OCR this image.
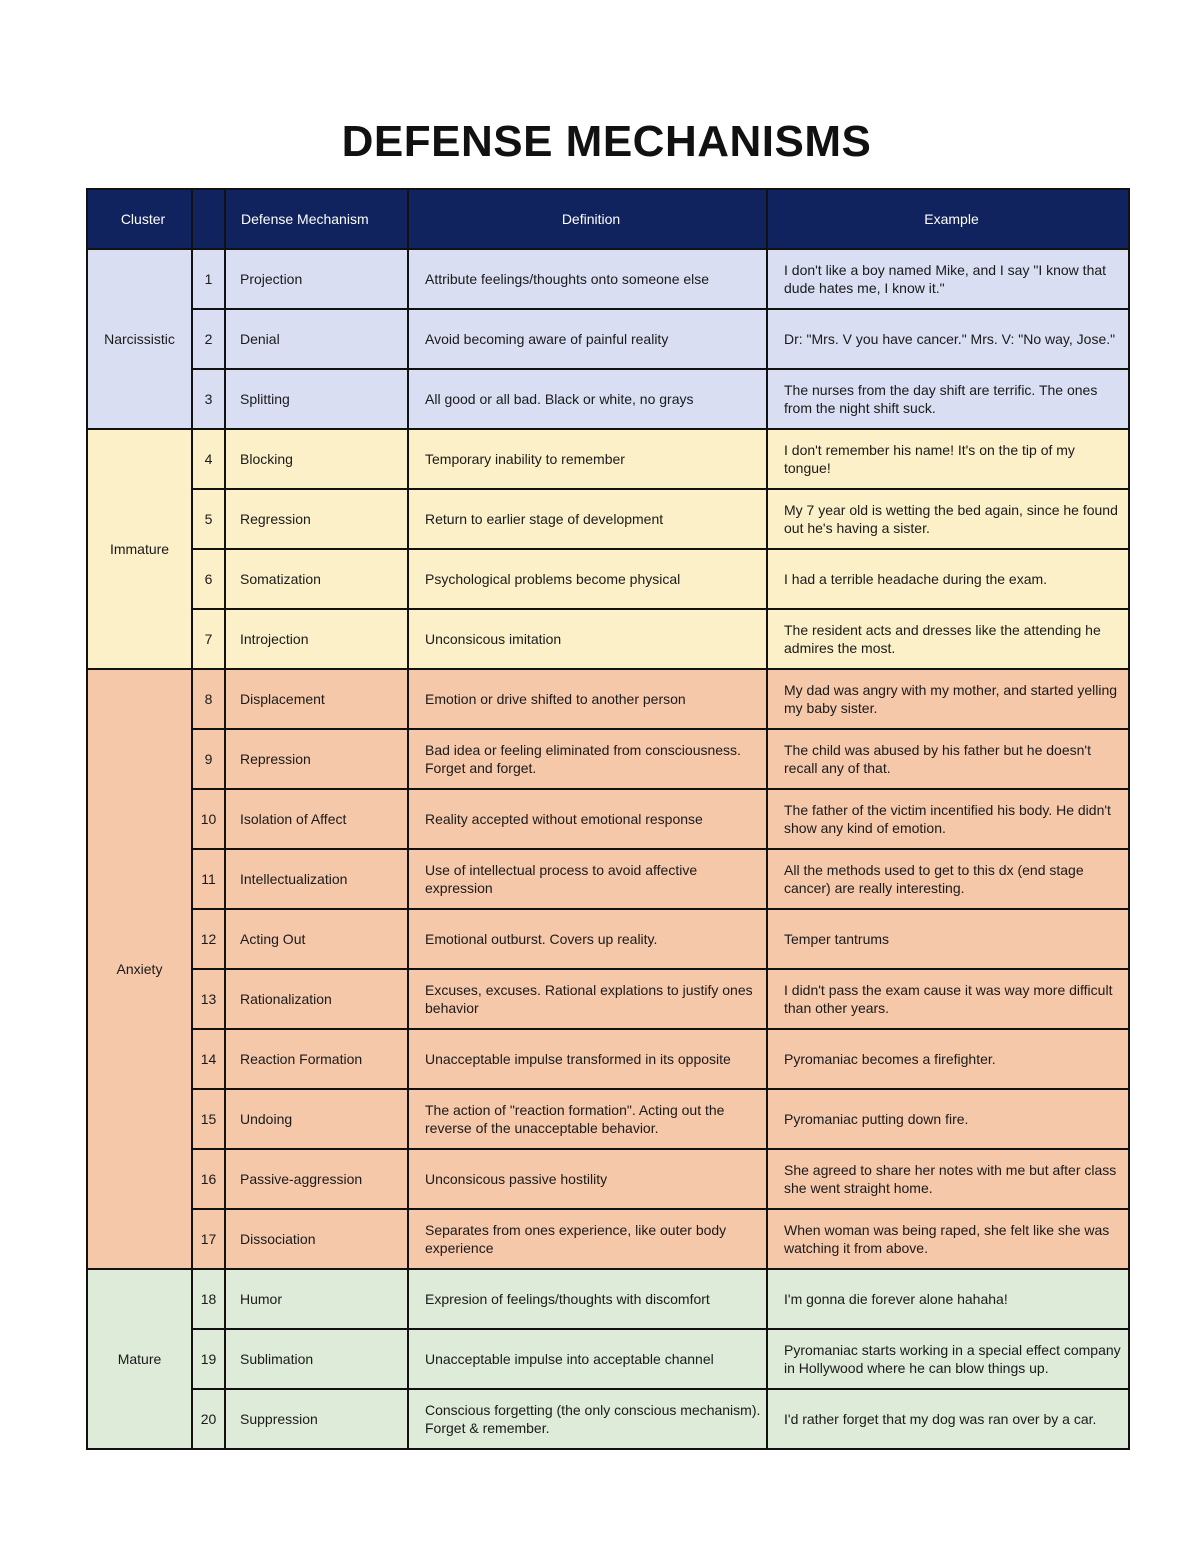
DEFENSE MECHANISMS
Cluster		Defense Mechanism	Definition	Example
Narcissistic	1	Projection	Attribute feelings/thoughts onto someone else	I don't like a boy named Mike, and I say "I know that dude hates me, I know it."
	2	Denial	Avoid becoming aware of painful reality	Dr: "Mrs. V you have cancer." Mrs. V: "No way, Jose."
	3	Splitting	All good or all bad. Black or white, no grays	The nurses from the day shift are terrific. The ones from the night shift suck.
Immature	4	Blocking	Temporary inability to remember	I don't remember his name! It's on the tip of my tongue!
	5	Regression	Return to earlier stage of development	My 7 year old is wetting the bed again, since he found out he's having a sister.
	6	Somatization	Psychological problems become physical	I had a terrible headache during the exam.
	7	Introjection	Unconsicous imitation	The resident acts and dresses like the attending he admires the most.
Anxiety	8	Displacement	Emotion or drive shifted to another person	My dad was angry with my mother, and started yelling my baby sister.
	9	Repression	Bad idea or feeling eliminated from consciousness. Forget and forget.	The child was abused by his father but he doesn't recall any of that.
	10	Isolation of Affect	Reality accepted without emotional response	The father of the victim incentified his body. He didn't show any kind of emotion.
	11	Intellectualization	Use of intellectual process to avoid affective expression	All the methods used to get to this dx (end stage cancer) are really interesting.
	12	Acting Out	Emotional outburst. Covers up reality.	Temper tantrums
	13	Rationalization	Excuses, excuses. Rational explations to justify ones behavior	I didn't pass the exam cause it was way more difficult than other years.
	14	Reaction Formation	Unacceptable impulse transformed in its opposite	Pyromaniac becomes a firefighter.
	15	Undoing	The action of "reaction formation". Acting out the reverse of the unacceptable behavior.	Pyromaniac putting down fire.
	16	Passive-aggression	Unconsicous passive hostility	She agreed to share her notes with me but after class she went straight home.
	17	Dissociation	Separates from ones experience, like outer body experience	When woman was being raped, she felt like she was watching it from above.
Mature	18	Humor	Expresion of feelings/thoughts with discomfort	I'm gonna die forever alone hahaha!
	19	Sublimation	Unacceptable impulse into acceptable channel	Pyromaniac starts working in a special effect company in Hollywood where he can blow things up.
	20	Suppression	Conscious forgetting (the only conscious mechanism). Forget & remember.	I'd rather forget that my dog was ran over by a car.
